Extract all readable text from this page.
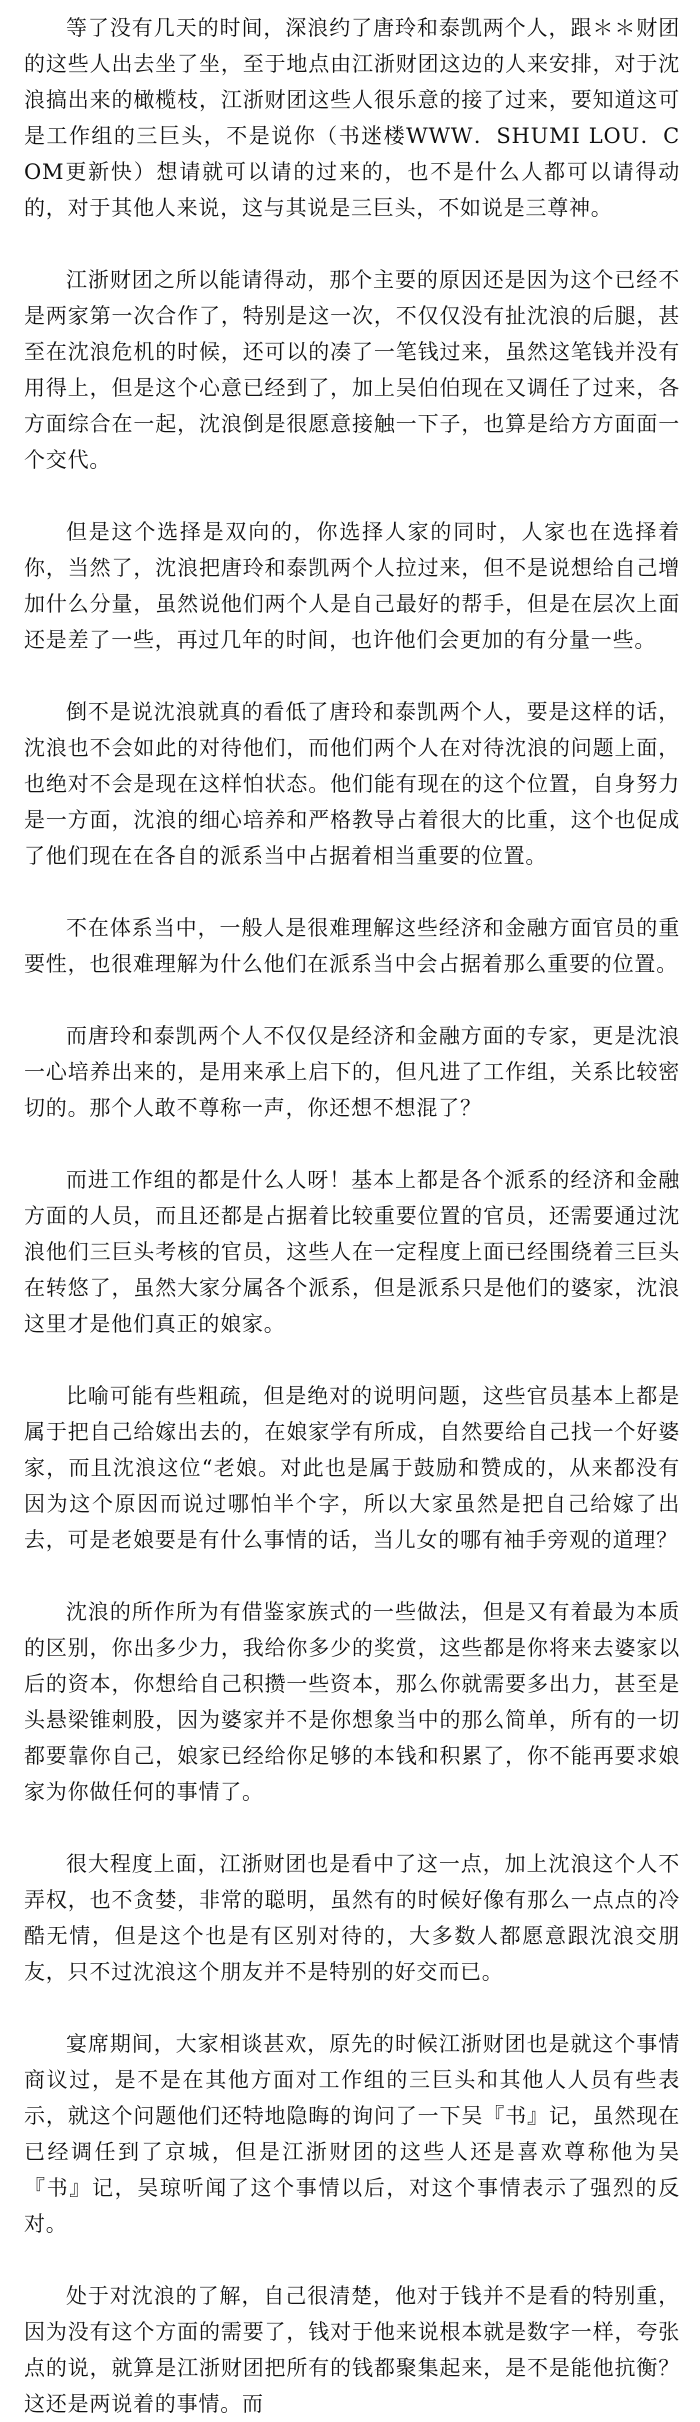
等了没有几天的时间，深浪约了唐玲和泰凯两个人，跟＊＊财团的这些人出去坐了坐，至于地点由江浙财团这边的人来安排，对于沈浪搞出来的橄榄枝，江浙财团这些人很乐意的接了过来，要知道这可是工作组的三巨头，不是说你（书迷楼WWW．SHUMI LOU．COM更新快）想请就可以请的过来的，也不是什么人都可以请得动的，对于其他人来说，这与其说是三巨头，不如说是三尊神。

江浙财团之所以能请得动，那个主要的原因还是因为这个已经不是两家第一次合作了，特别是这一次，不仅仅没有扯沈浪的后腿，甚至在沈浪危机的时候，还可以的凑了一笔钱过来，虽然这笔钱并没有用得上，但是这个心意已经到了，加上吴伯伯现在又调任了过来，各方面综合在一起，沈浪倒是很愿意接触一下子，也算是给方方面面一个交代。

但是这个选择是双向的，你选择人家的同时，人家也在选择着你，当然了，沈浪把唐玲和泰凯两个人拉过来，但不是说想给自己增加什么分量，虽然说他们两个人是自己最好的帮手，但是在层次上面还是差了一些，再过几年的时间，也许他们会更加的有分量一些。

倒不是说沈浪就真的看低了唐玲和泰凯两个人，要是这样的话，沈浪也不会如此的对待他们，而他们两个人在对待沈浪的问题上面，也绝对不会是现在这样怕状态。他们能有现在的这个位置，自身努力是一方面，沈浪的细心培养和严格教导占着很大的比重，这个也促成了他们现在在各自的派系当中占据着相当重要的位置。

不在体系当中，一般人是很难理解这些经济和金融方面官员的重要性，也很难理解为什么他们在派系当中会占据着那么重要的位置。

而唐玲和泰凯两个人不仅仅是经济和金融方面的专家，更是沈浪一心培养出来的，是用来承上启下的，但凡进了工作组，关系比较密切的。那个人敢不尊称一声，你还想不想混了？

而进工作组的都是什么人呀！基本上都是各个派系的经济和金融方面的人员，而且还都是占据着比较重要位置的官员，还需要通过沈浪他们三巨头考核的官员，这些人在一定程度上面已经围绕着三巨头在转悠了，虽然大家分属各个派系，但是派系只是他们的婆家，沈浪这里才是他们真正的娘家。

比喻可能有些粗疏，但是绝对的说明问题，这些官员基本上都是属于把自己给嫁出去的，在娘家学有所成，自然要给自己找一个好婆家，而且沈浪这位“老娘。对此也是属于鼓励和赞成的，从来都没有因为这个原因而说过哪怕半个字，所以大家虽然是把自己给嫁了出去，可是老娘要是有什么事情的话，当儿女的哪有袖手旁观的道理？

沈浪的所作所为有借鉴家族式的一些做法，但是又有着最为本质的区别，你出多少力，我给你多少的奖赏，这些都是你将来去婆家以后的资本，你想给自己积攒一些资本，那么你就需要多出力，甚至是头悬梁锥刺股，因为婆家并不是你想象当中的那么简单，所有的一切都要靠你自己，娘家已经给你足够的本钱和积累了，你不能再要求娘家为你做任何的事情了。

很大程度上面，江浙财团也是看中了这一点，加上沈浪这个人不弄权，也不贪婪，非常的聪明，虽然有的时候好像有那么一点点的冷酷无情，但是这个也是有区别对待的，大多数人都愿意跟沈浪交朋友，只不过沈浪这个朋友并不是特别的好交而已。

宴席期间，大家相谈甚欢，原先的时候江浙财团也是就这个事情商议过，是不是在其他方面对工作组的三巨头和其他人人员有些表示，就这个问题他们还特地隐晦的询问了一下吴『书』记，虽然现在已经调任到了京城，但是江浙财团的这些人还是喜欢尊称他为吴『书』记，吴琼听闻了这个事情以后，对这个事情表示了强烈的反对。

处于对沈浪的了解，自己很清楚，他对于钱并不是看的特别重，因为没有这个方面的需要了，钱对于他来说根本就是数字一样，夸张点的说，就算是江浙财团把所有的钱都聚集起来，是不是能他抗衡？这还是两说着的事情。而
